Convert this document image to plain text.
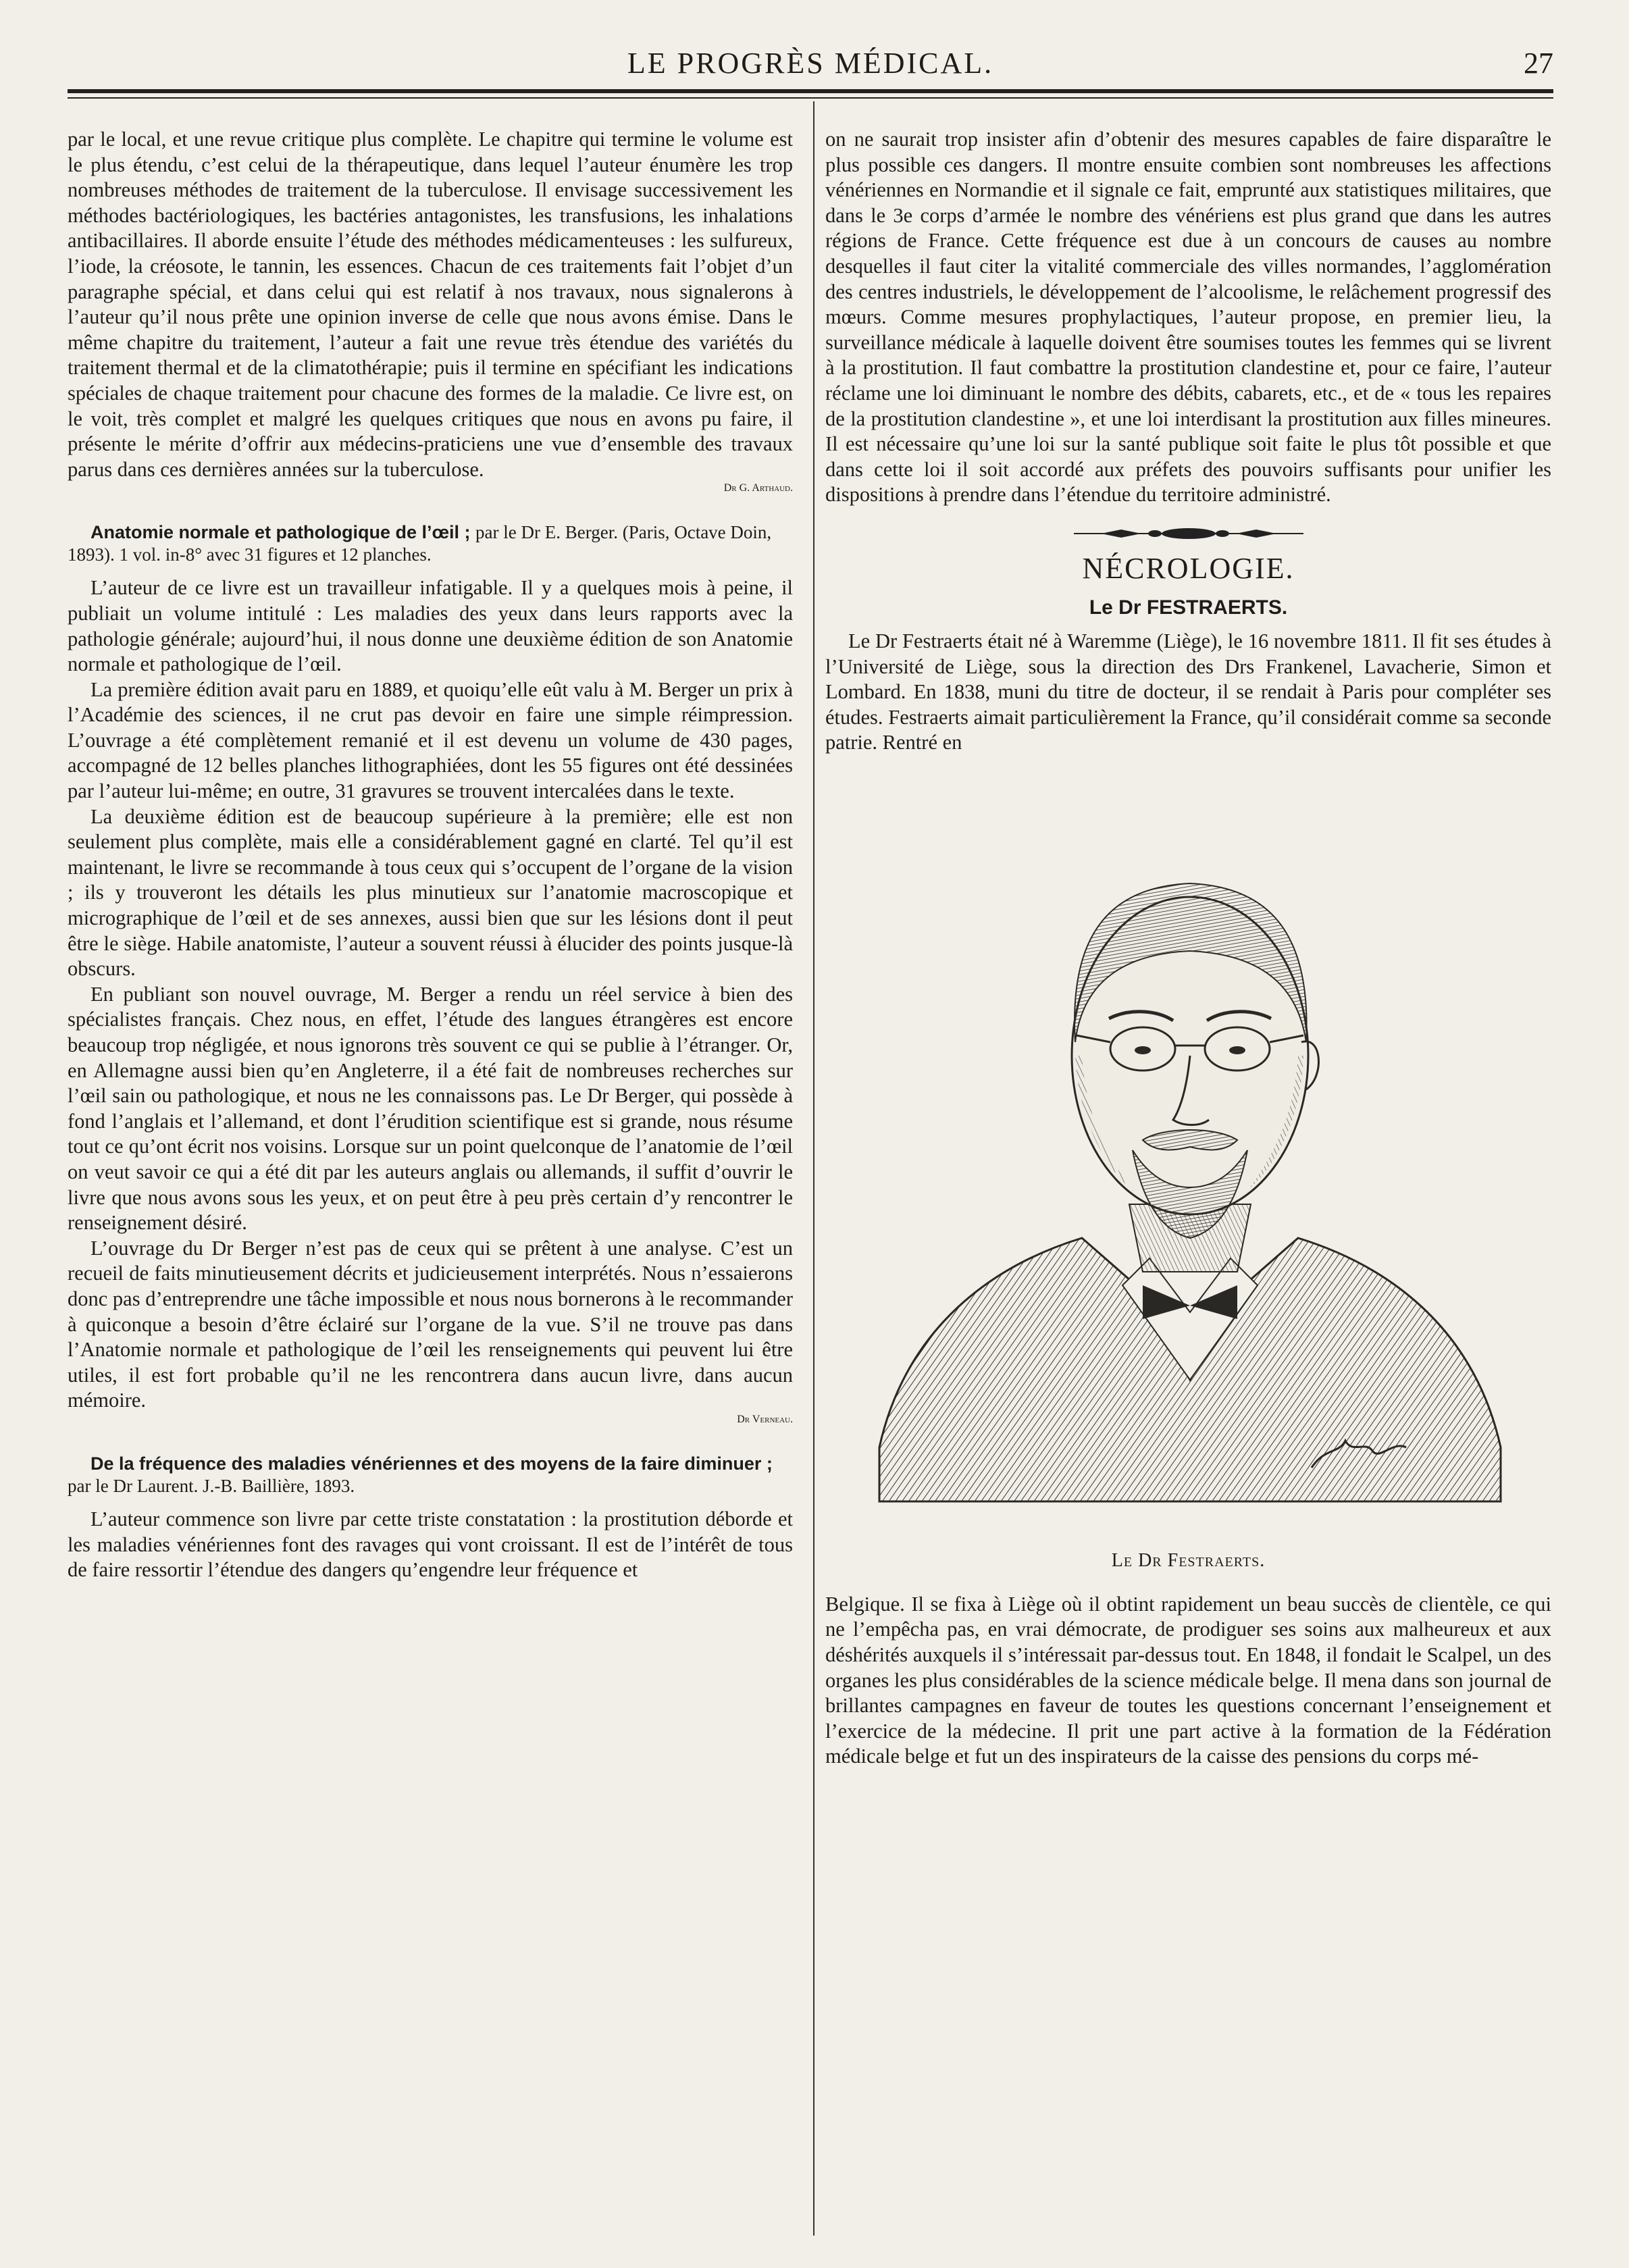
LE PROGRÈS MÉDICAL.	27

par le local, et une revue critique plus complète. Le chapitre qui termine le volume est le plus étendu, c’est celui de la thérapeutique, dans lequel l’auteur énumère les trop nombreuses méthodes de traitement de la tuberculose. Il envisage successivement les méthodes bactériologiques, les bactéries antagonistes, les transfusions, les inhalations antibacillaires. Il aborde ensuite l’étude des méthodes médicamenteuses : les sulfureux, l’iode, la créosote, le tannin, les essences. Chacun de ces traitements fait l’objet d’un paragraphe spécial, et dans celui qui est relatif à nos travaux, nous signalerons à l’auteur qu’il nous prête une opinion inverse de celle que nous avons émise. Dans le même chapitre du traitement, l’auteur a fait une revue très étendue des variétés du traitement thermal et de la climatothérapie; puis il termine en spécifiant les indications spéciales de chaque traitement pour chacune des formes de la maladie. Ce livre est, on le voit, très complet et malgré les quelques critiques que nous en avons pu faire, il présente le mérite d’offrir aux médecins-praticiens une vue d’ensemble des travaux parus dans ces dernières années sur la tuberculose.

Dr G. Arthaud.
Anatomie normale et pathologique de l’œil ; par le Dr E. Berger. (Paris, Octave Doin, 1893). 1 vol. in-8° avec 31 figures et 12 planches.

L’auteur de ce livre est un travailleur infatigable. Il y a quelques mois à peine, il publiait un volume intitulé : Les maladies des yeux dans leurs rapports avec la pathologie générale; aujourd’hui, il nous donne une deuxième édition de son Anatomie normale et pathologique de l’œil.

La première édition avait paru en 1889, et quoiqu’elle eût valu à M. Berger un prix à l’Académie des sciences, il ne crut pas devoir en faire une simple réimpression. L’ouvrage a été complètement remanié et il est devenu un volume de 430 pages, accompagné de 12 belles planches lithographiées, dont les 55 figures ont été dessinées par l’auteur lui-même; en outre, 31 gravures se trouvent intercalées dans le texte.

La deuxième édition est de beaucoup supérieure à la première; elle est non seulement plus complète, mais elle a considérablement gagné en clarté. Tel qu’il est maintenant, le livre se recommande à tous ceux qui s’occupent de l’organe de la vision ; ils y trouveront les détails les plus minutieux sur l’anatomie macroscopique et micrographique de l’œil et de ses annexes, aussi bien que sur les lésions dont il peut être le siège. Habile anatomiste, l’auteur a souvent réussi à élucider des points jusque-là obscurs.

En publiant son nouvel ouvrage, M. Berger a rendu un réel service à bien des spécialistes français. Chez nous, en effet, l’étude des langues étrangères est encore beaucoup trop négligée, et nous ignorons très souvent ce qui se publie à l’étranger. Or, en Allemagne aussi bien qu’en Angleterre, il a été fait de nombreuses recherches sur l’œil sain ou pathologique, et nous ne les connaissons pas. Le Dr Berger, qui possède à fond l’anglais et l’allemand, et dont l’érudition scientifique est si grande, nous résume tout ce qu’ont écrit nos voisins. Lorsque sur un point quelconque de l’anatomie de l’œil on veut savoir ce qui a été dit par les auteurs anglais ou allemands, il suffit d’ouvrir le livre que nous avons sous les yeux, et on peut être à peu près certain d’y rencontrer le renseignement désiré.

L’ouvrage du Dr Berger n’est pas de ceux qui se prêtent à une analyse. C’est un recueil de faits minutieusement décrits et judicieusement interprétés. Nous n’essaierons donc pas d’entreprendre une tâche impossible et nous nous bornerons à le recommander à quiconque a besoin d’être éclairé sur l’organe de la vue. S’il ne trouve pas dans l’Anatomie normale et pathologique de l’œil les renseignements qui peuvent lui être utiles, il est fort probable qu’il ne les rencontrera dans aucun livre, dans aucun mémoire.

Dr Verneau.
De la fréquence des maladies vénériennes et des moyens de la faire diminuer ; par le Dr Laurent. J.-B. Baillière, 1893.

L’auteur commence son livre par cette triste constatation : la prostitution déborde et les maladies vénériennes font des ravages qui vont croissant. Il est de l’intérêt de tous de faire ressortir l’étendue des dangers qu’engendre leur fréquence et

on ne saurait trop insister afin d’obtenir des mesures capables de faire disparaître le plus possible ces dangers. Il montre ensuite combien sont nombreuses les affections vénériennes en Normandie et il signale ce fait, emprunté aux statistiques militaires, que dans le 3e corps d’armée le nombre des vénériens est plus grand que dans les autres régions de France. Cette fréquence est due à un concours de causes au nombre desquelles il faut citer la vitalité commerciale des villes normandes, l’agglomération des centres industriels, le développement de l’alcoolisme, le relâchement progressif des mœurs. Comme mesures prophylactiques, l’auteur propose, en premier lieu, la surveillance médicale à laquelle doivent être soumises toutes les femmes qui se livrent à la prostitution. Il faut combattre la prostitution clandestine et, pour ce faire, l’auteur réclame une loi diminuant le nombre des débits, cabarets, etc., et de « tous les repaires de la prostitution clandestine », et une loi interdisant la prostitution aux filles mineures. Il est nécessaire qu’une loi sur la santé publique soit faite le plus tôt possible et que dans cette loi il soit accordé aux préfets des pouvoirs suffisants pour unifier les dispositions à prendre dans l’étendue du territoire administré.

NÉCROLOGIE.
Le Dr FESTRAERTS.

Le Dr Festraerts était né à Waremme (Liège), le 16 novembre 1811. Il fit ses études à l’Université de Liège, sous la direction des Drs Frankenel, Lavacherie, Simon et Lombard. En 1838, muni du titre de docteur, il se rendait à Paris pour compléter ses études. Festraerts aimait particulièrement la France, qu’il considérait comme sa seconde patrie. Rentré en

Le Dr Festraerts.

Belgique. Il se fixa à Liège où il obtint rapidement un beau succès de clientèle, ce qui ne l’empêcha pas, en vrai démocrate, de prodiguer ses soins aux malheureux et aux déshérités auxquels il s’intéressait par-dessus tout. En 1848, il fondait le Scalpel, un des organes les plus considérables de la science médicale belge. Il mena dans son journal de brillantes campagnes en faveur de toutes les questions concernant l’enseignement et l’exercice de la médecine. Il prit une part active à la formation de la Fédération médicale belge et fut un des inspirateurs de la caisse des pensions du corps mé-
